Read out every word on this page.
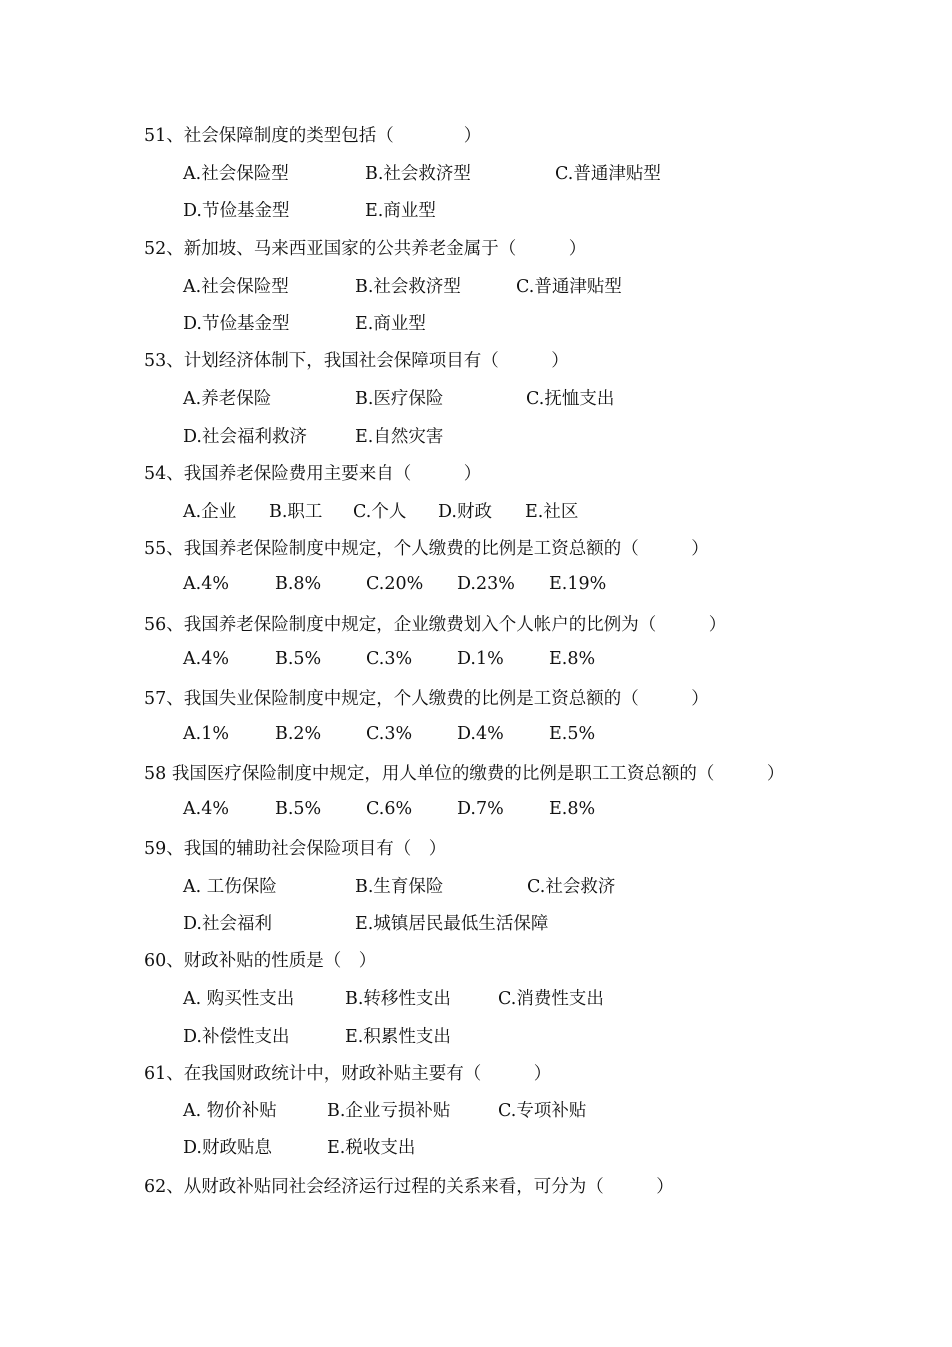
51、社会保障制度的类型包括（　　　　）
A.社会保险型	B.社会救济型	C.普通津贴型
D.节俭基金型	E.商业型
52、新加坡、马来西亚国家的公共养老金属于（　　　）
A.社会保险型	B.社会救济型	C.普通津贴型
D.节俭基金型	E.商业型
53、计划经济体制下，我国社会保障项目有（　　　）
A.养老保险	B.医疗保险	C.抚恤支出
D.社会福利救济	E.自然灾害
54、我国养老保险费用主要来自（　　　）
A.企业 B.职工 C.个人 D.财政 E.社区
55、我国养老保险制度中规定，个人缴费的比例是工资总额的（　　　）
A.4%	B.8%	C.20% D.23% E.19%
56、我国养老保险制度中规定，企业缴费划入个人帐户的比例为（　　　）
A.4%	B.5%	C.3%	D.1%	E.8%
57、我国失业保险制度中规定，个人缴费的比例是工资总额的（　　　）
A.1%	B.2%	C.3%	D.4%	E.5%
58 我国医疗保险制度中规定，用人单位的缴费的比例是职工工资总额的（　　　）
A.4%	B.5%	C.6%	D.7%	E.8%
59、我国的辅助社会保险项目有（　）
A. 工伤保险	B.生育保险	C.社会救济
D.社会福利	E.城镇居民最低生活保障
60、财政补贴的性质是（　）
A. 购买性支出	B.转移性支出	C.消费性支出
D.补偿性支出	E.积累性支出
61、在我国财政统计中，财政补贴主要有（　　　）
A. 物价补贴	B.企业亏损补贴	C.专项补贴
D.财政贴息	E.税收支出
62、从财政补贴同社会经济运行过程的关系来看，可分为（　　　）
